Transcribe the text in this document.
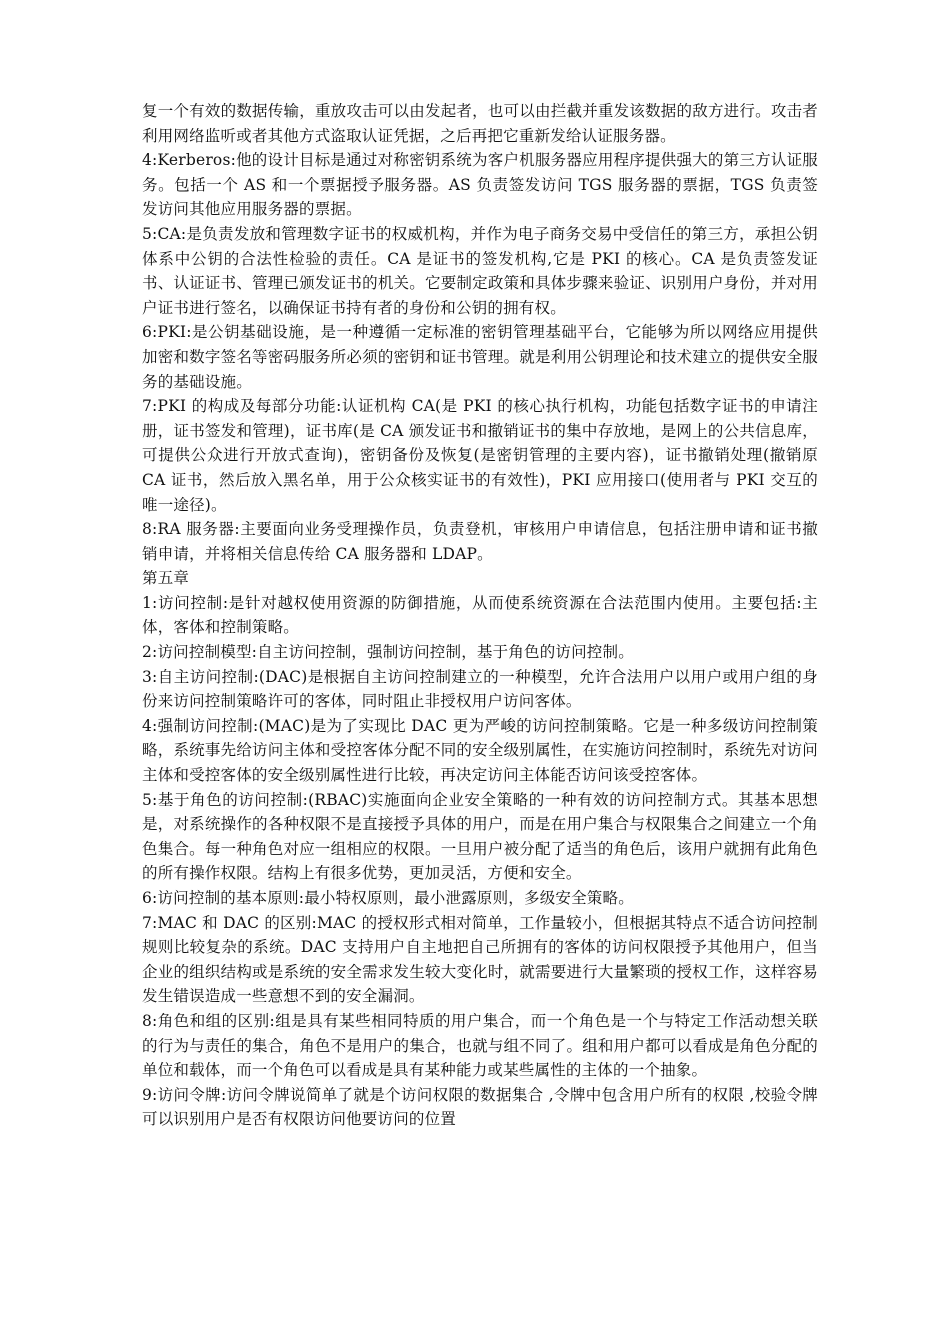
复一个有效的数据传输，重放攻击可以由发起者，也可以由拦截并重发该数据的敌方进行。攻击者利用网络监听或者其他方式盗取认证凭据，之后再把它重新发给认证服务器。

4:Kerberos:他的设计目标是通过对称密钥系统为客户机服务器应用程序提供强大的第三方认证服务。包括一个 AS 和一个票据授予服务器。AS 负责签发访问 TGS 服务器的票据，TGS 负责签发访问其他应用服务器的票据。

5:CA:是负责发放和管理数字证书的权威机构，并作为电子商务交易中受信任的第三方，承担公钥体系中公钥的合法性检验的责任。CA 是证书的签发机构,它是 PKI 的核心。CA 是负责签发证书、认证证书、管理已颁发证书的机关。它要制定政策和具体步骤来验证、识别用户身份，并对用户证书进行签名，以确保证书持有者的身份和公钥的拥有权。

6:PKI:是公钥基础设施，是一种遵循一定标准的密钥管理基础平台，它能够为所以网络应用提供加密和数字签名等密码服务所必须的密钥和证书管理。就是利用公钥理论和技术建立的提供安全服务的基础设施。

7:PKI 的构成及每部分功能:认证机构 CA(是 PKI 的核心执行机构，功能包括数字证书的申请注册，证书签发和管理)，证书库(是 CA 颁发证书和撤销证书的集中存放地，是网上的公共信息库，可提供公众进行开放式查询)，密钥备份及恢复(是密钥管理的主要内容)，证书撤销处理(撤销原 CA 证书，然后放入黑名单，用于公众核实证书的有效性)，PKI 应用接口(使用者与 PKI 交互的唯一途径)。

8:RA 服务器:主要面向业务受理操作员，负责登机，审核用户申请信息，包括注册申请和证书撤销申请，并将相关信息传给 CA 服务器和 LDAP。

第五章

1:访问控制:是针对越权使用资源的防御措施，从而使系统资源在合法范围内使用。主要包括:主体，客体和控制策略。

2:访问控制模型:自主访问控制，强制访问控制，基于角色的访问控制。

3:自主访问控制:(DAC)是根据自主访问控制建立的一种模型，允许合法用户以用户或用户组的身份来访问控制策略许可的客体，同时阻止非授权用户访问客体。

4:强制访问控制:(MAC)是为了实现比 DAC 更为严峻的访问控制策略。它是一种多级访问控制策略，系统事先给访问主体和受控客体分配不同的安全级别属性，在实施访问控制时，系统先对访问主体和受控客体的安全级别属性进行比较，再决定访问主体能否访问该受控客体。

5:基于角色的访问控制:(RBAC)实施面向企业安全策略的一种有效的访问控制方式。其基本思想是，对系统操作的各种权限不是直接授予具体的用户，而是在用户集合与权限集合之间建立一个角色集合。每一种角色对应一组相应的权限。一旦用户被分配了适当的角色后，该用户就拥有此角色的所有操作权限。结构上有很多优势，更加灵活，方便和安全。

6:访问控制的基本原则:最小特权原则，最小泄露原则，多级安全策略。

7:MAC 和 DAC 的区别:MAC 的授权形式相对简单，工作量较小，但根据其特点不适合访问控制规则比较复杂的系统。DAC 支持用户自主地把自己所拥有的客体的访问权限授予其他用户，但当企业的组织结构或是系统的安全需求发生较大变化时，就需要进行大量繁琐的授权工作，这样容易发生错误造成一些意想不到的安全漏洞。

8:角色和组的区别:组是具有某些相同特质的用户集合，而一个角色是一个与特定工作活动想关联的行为与责任的集合，角色不是用户的集合，也就与组不同了。组和用户都可以看成是角色分配的单位和载体，而一个角色可以看成是具有某种能力或某些属性的主体的一个抽象。

9:访问令牌:访问令牌说简单了就是个访问权限的数据集合 ,令牌中包含用户所有的权限 ,校验令牌可以识别用户是否有权限访问他要访问的位置
